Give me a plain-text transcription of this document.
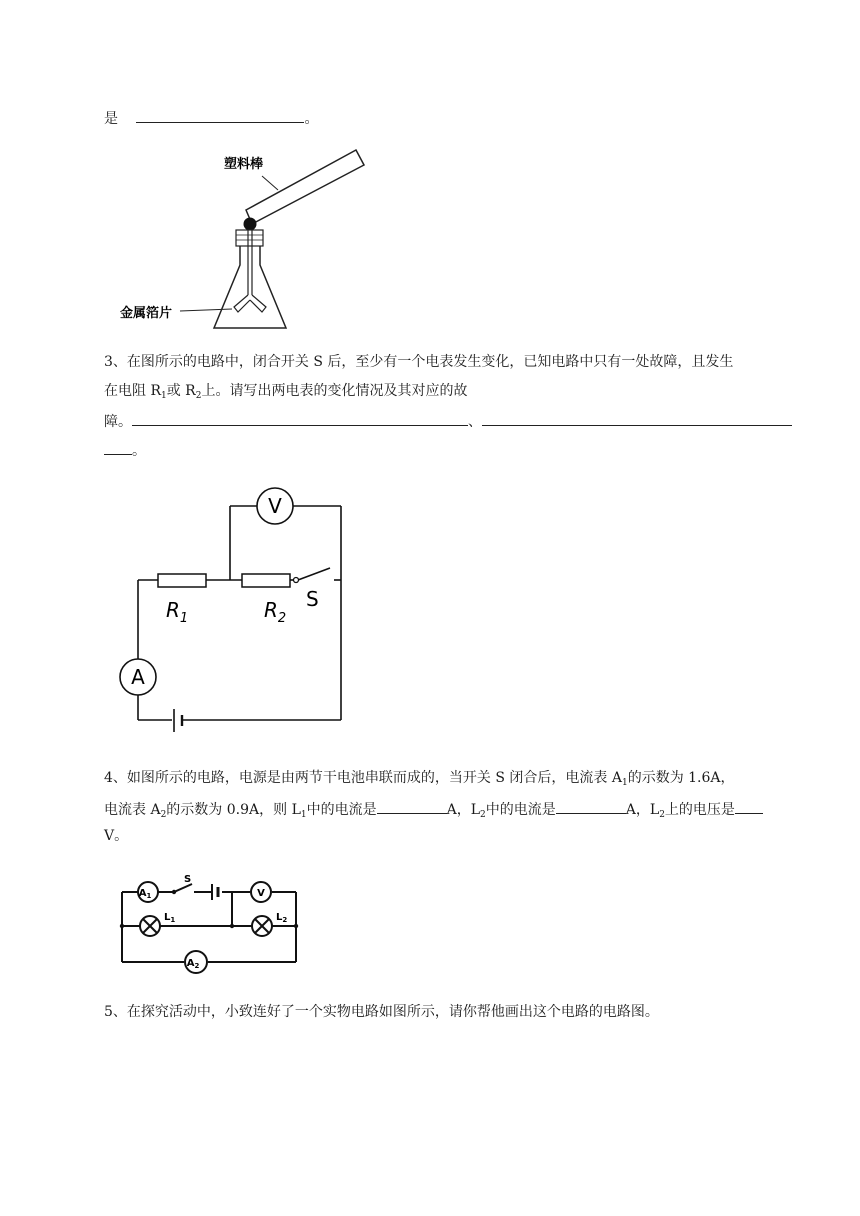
是	。
塑料棒
金属箔片
3、在图所示的电路中，闭合开关 S 后，至少有一个电表发生变化，已知电路中只有一处故障，且发生
在电阻 $R_1$或 $R_2$上。请写出两电表的变化情况及其对应的故
障。	、
。
V
$R_1$	$R_2$
S
A
4、如图所示的电路，电源是由两节干电池串联而成的，当开关 S 闭合后，电流表 $A_1$的示数为 1.6A，
电流表 $A_2$的示数为 0.9A，则 $L_1$中的电流是	A，$L_2$中的电流是	A，$L_2$上的电压是
V。
$A_1$
S
V
$L_1$	$L_2$
$A_2$
5、在探究活动中，小致连好了一个实物电路如图所示，请你帮他画出这个电路的电路图。
